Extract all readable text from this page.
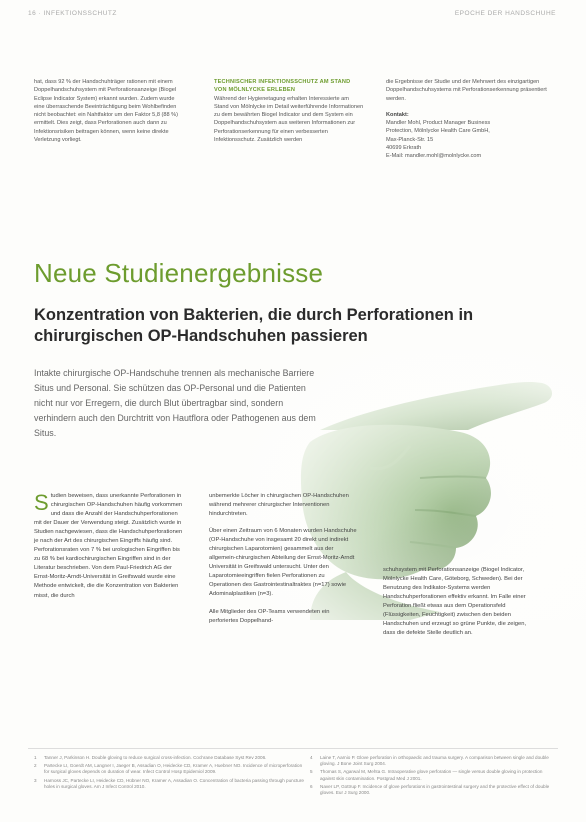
16 · INFEKTIONSSCHUTZ	EPOCHE DER HANDSCHUHE

hat, dass 92 % der Handschuhträger rationen mit einem Doppelhandschuhsystem mit Perforationsanzeige (Biogel Eclipse Indicator System) erkannt wurden. Zudem wurde eine überraschende Beeinträchtigung beim Wohlbefinden nicht beobachtet: ein Nahtfaktor um den Faktor 5,8 (88 %) ermittelt. Dies zeigt, dass Perforationen auch dann zu Infektionsrisiken beitragen können, wenn keine direkte Verletzung vorliegt.

TECHNISCHER INFEKTIONSSCHUTZ AM STAND VON MÖLNLYCKE ERLEBEN

Während der Hygienetagung erhalten Interessierte am Stand von Mölnlycke im Detail weiterführende Informationen zu dem bewährten Biogel Indicator und dem System ein Doppelhandschuhsystem aus weiteren Informationen zur Perforationserkennung für einen verbesserten Infektionsschutz. Zusätzlich werden

die Ergebnisse der Studie und der Mehrwert des einzigartigen Doppelhandschuhsystems mit Perforationserkennung präsentiert werden.

Kontakt:
Mandler Mohl, Product Manager Business
Protection, Mölnlycke Health Care GmbH,
Max-Planck-Str. 15
40699 Erkrath
E-Mail: mandler.mohl@molnlycke.com
Neue Studienergebnisse
Konzentration von Bakterien, die durch Perforationen in chirurgischen OP-Handschuhen passieren

Intakte chirurgische OP-Handschuhe trennen als mechanische Barriere Situs und Personal. Sie schützen das OP-Personal und die Patienten nicht nur vor Erregern, die durch Blut übertragbar sind, sondern verhindern auch den Durchtritt von Hautflora oder Pathogenen aus dem Situs.

S tudien beweisen, dass unerkannte Perforationen in chirurgischen OP-Handschuhen häufig vorkommen und dass die Anzahl der Handschuhperforationen mit der Dauer der Verwendung steigt. Zusätzlich wurde in Studien nachgewiesen, dass die Handschuhperforationen je nach der Art des chirurgischen Eingriffs häufig sind. Perforationsraten von 7 % bei urologischen Eingriffen bis zu 68 % bei kardiochirurgischen Eingriffen sind in der Literatur beschrieben. Von dem Paul-Friedrich AG der Ernst-Moritz-Arndt-Universität in Greifswald wurde eine Methode entwickelt, die die Konzentration von Bakterien misst, die durch

unbemerkte Löcher in chirurgischen OP-Handschuhen während mehrerer chirurgischer Interventionen hindurchtreten.

Über einen Zeitraum von 6 Monaten wurden Handschuhe (OP-Handschuhe von insgesamt 20 direkt und indirekt chirurgischen Laparotomien) gesammelt aus der allgemein-chirurgischen Abteilung der Ernst-Moritz-Arndt Universität in Greifswald untersucht. Unter den Laparotomieeingriffen fielen Perforationen zu Operationen des Gastrointestinaltraktes (n=17) sowie Adominalplastiken (n=3).

Alle Mitglieder des OP-Teams verwendeten ein perforiertes Doppelhand-

schuhsystem mit Perforationsanzeige (Biogel Indicator, Mölnlycke Health Care, Göteborg, Schweden). Bei der Benutzung des Indikator-Systems werden Handschuhperforationen effektiv erkannt. Im Falle einer Perforation fließt etwas aus dem Operationsfeld (Flüssigkeiten, Feuchtigkeit) zwischen den beiden Handschuhen und erzeugt so grüne Punkte, die zeigen, dass die defekte Stelle deutlich an.

1 Tanner J, Parkinson H. Double gloving to reduce surgical cross-infection. Cochrane Database Syst Rev 2006.
2 Partecke LI, Goerdt AM, Langner I, Jaeger B, Assadian O, Heidecke CD, Kramer A, Huebner NO. Incidence of microperforation for surgical gloves depends on duration of wear. Infect Control Hosp Epidemiol 2009.
3 Harnoss JC, Partecke LI, Heidecke CD, Hübner NO, Kramer A, Assadian O. Concentration of bacteria passing through puncture holes in surgical gloves. Am J Infect Control 2010.
4 Laine T, Aarnio P. Glove perforation in orthopaedic and trauma surgery. A comparison between single and double gloving. J Bone Joint Surg 2004.
5 Thomas S, Agarwal M, Mehta G. Intraoperative glove perforation — single versus double gloving in protection against skin contamination. Postgrad Med J 2001.
6 Naver LP, Gottrup F. Incidence of glove perforations in gastrointestinal surgery and the protective effect of double gloves. Eur J Surg 2000.
